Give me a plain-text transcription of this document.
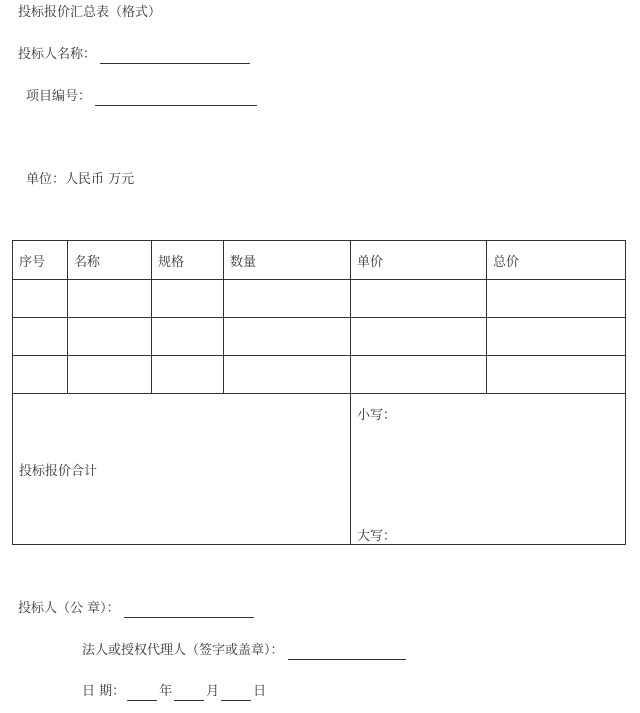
投标报价汇总表（格式）
投标人名称：
项目编号：
单位：人民币 万元
序号	名称	规格	数量	单价	总价

投标报价合计				小写：
大写：	
投标人（公 章）：
法人或授权代理人（签字或盖章）：
日 期：	年	月	日
